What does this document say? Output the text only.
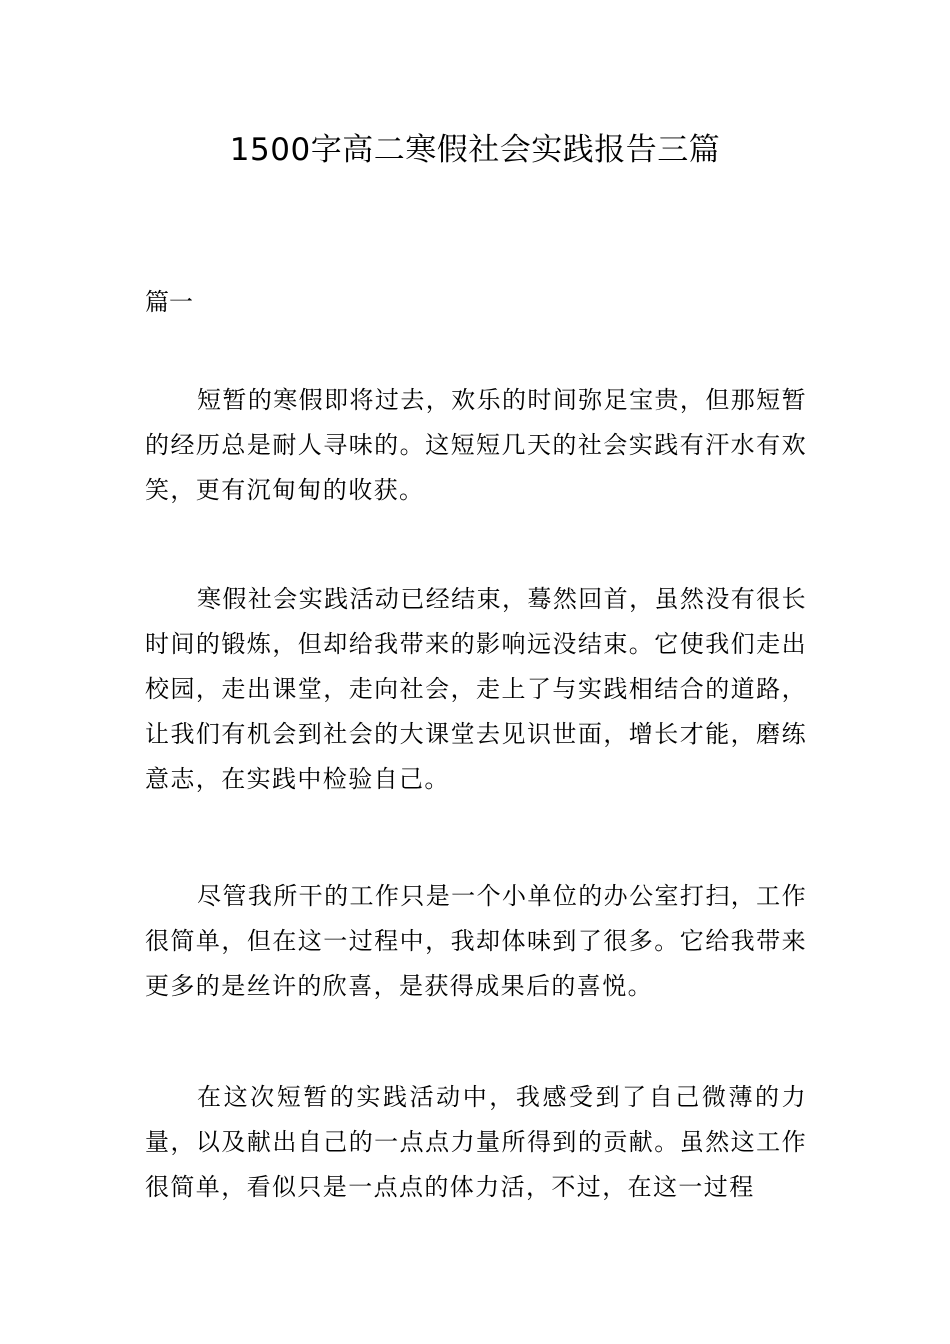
1500字高二寒假社会实践报告三篇
篇一

短暂的寒假即将过去，欢乐的时间弥足宝贵，但那短暂的经历总是耐人寻味的。这短短几天的社会实践有汗水有欢笑，更有沉甸甸的收获。

寒假社会实践活动已经结束，蓦然回首，虽然没有很长时间的锻炼，但却给我带来的影响远没结束。它使我们走出校园，走出课堂，走向社会，走上了与实践相结合的道路，让我们有机会到社会的大课堂去见识世面，增长才能，磨练意志，在实践中检验自己。

尽管我所干的工作只是一个小单位的办公室打扫，工作很简单，但在这一过程中，我却体味到了很多。它给我带来更多的是丝许的欣喜，是获得成果后的喜悦。

在这次短暂的实践活动中，我感受到了自己微薄的力量，以及献出自己的一点点力量所得到的贡献。虽然这工作很简单，看似只是一点点的体力活，不过，在这一过程
